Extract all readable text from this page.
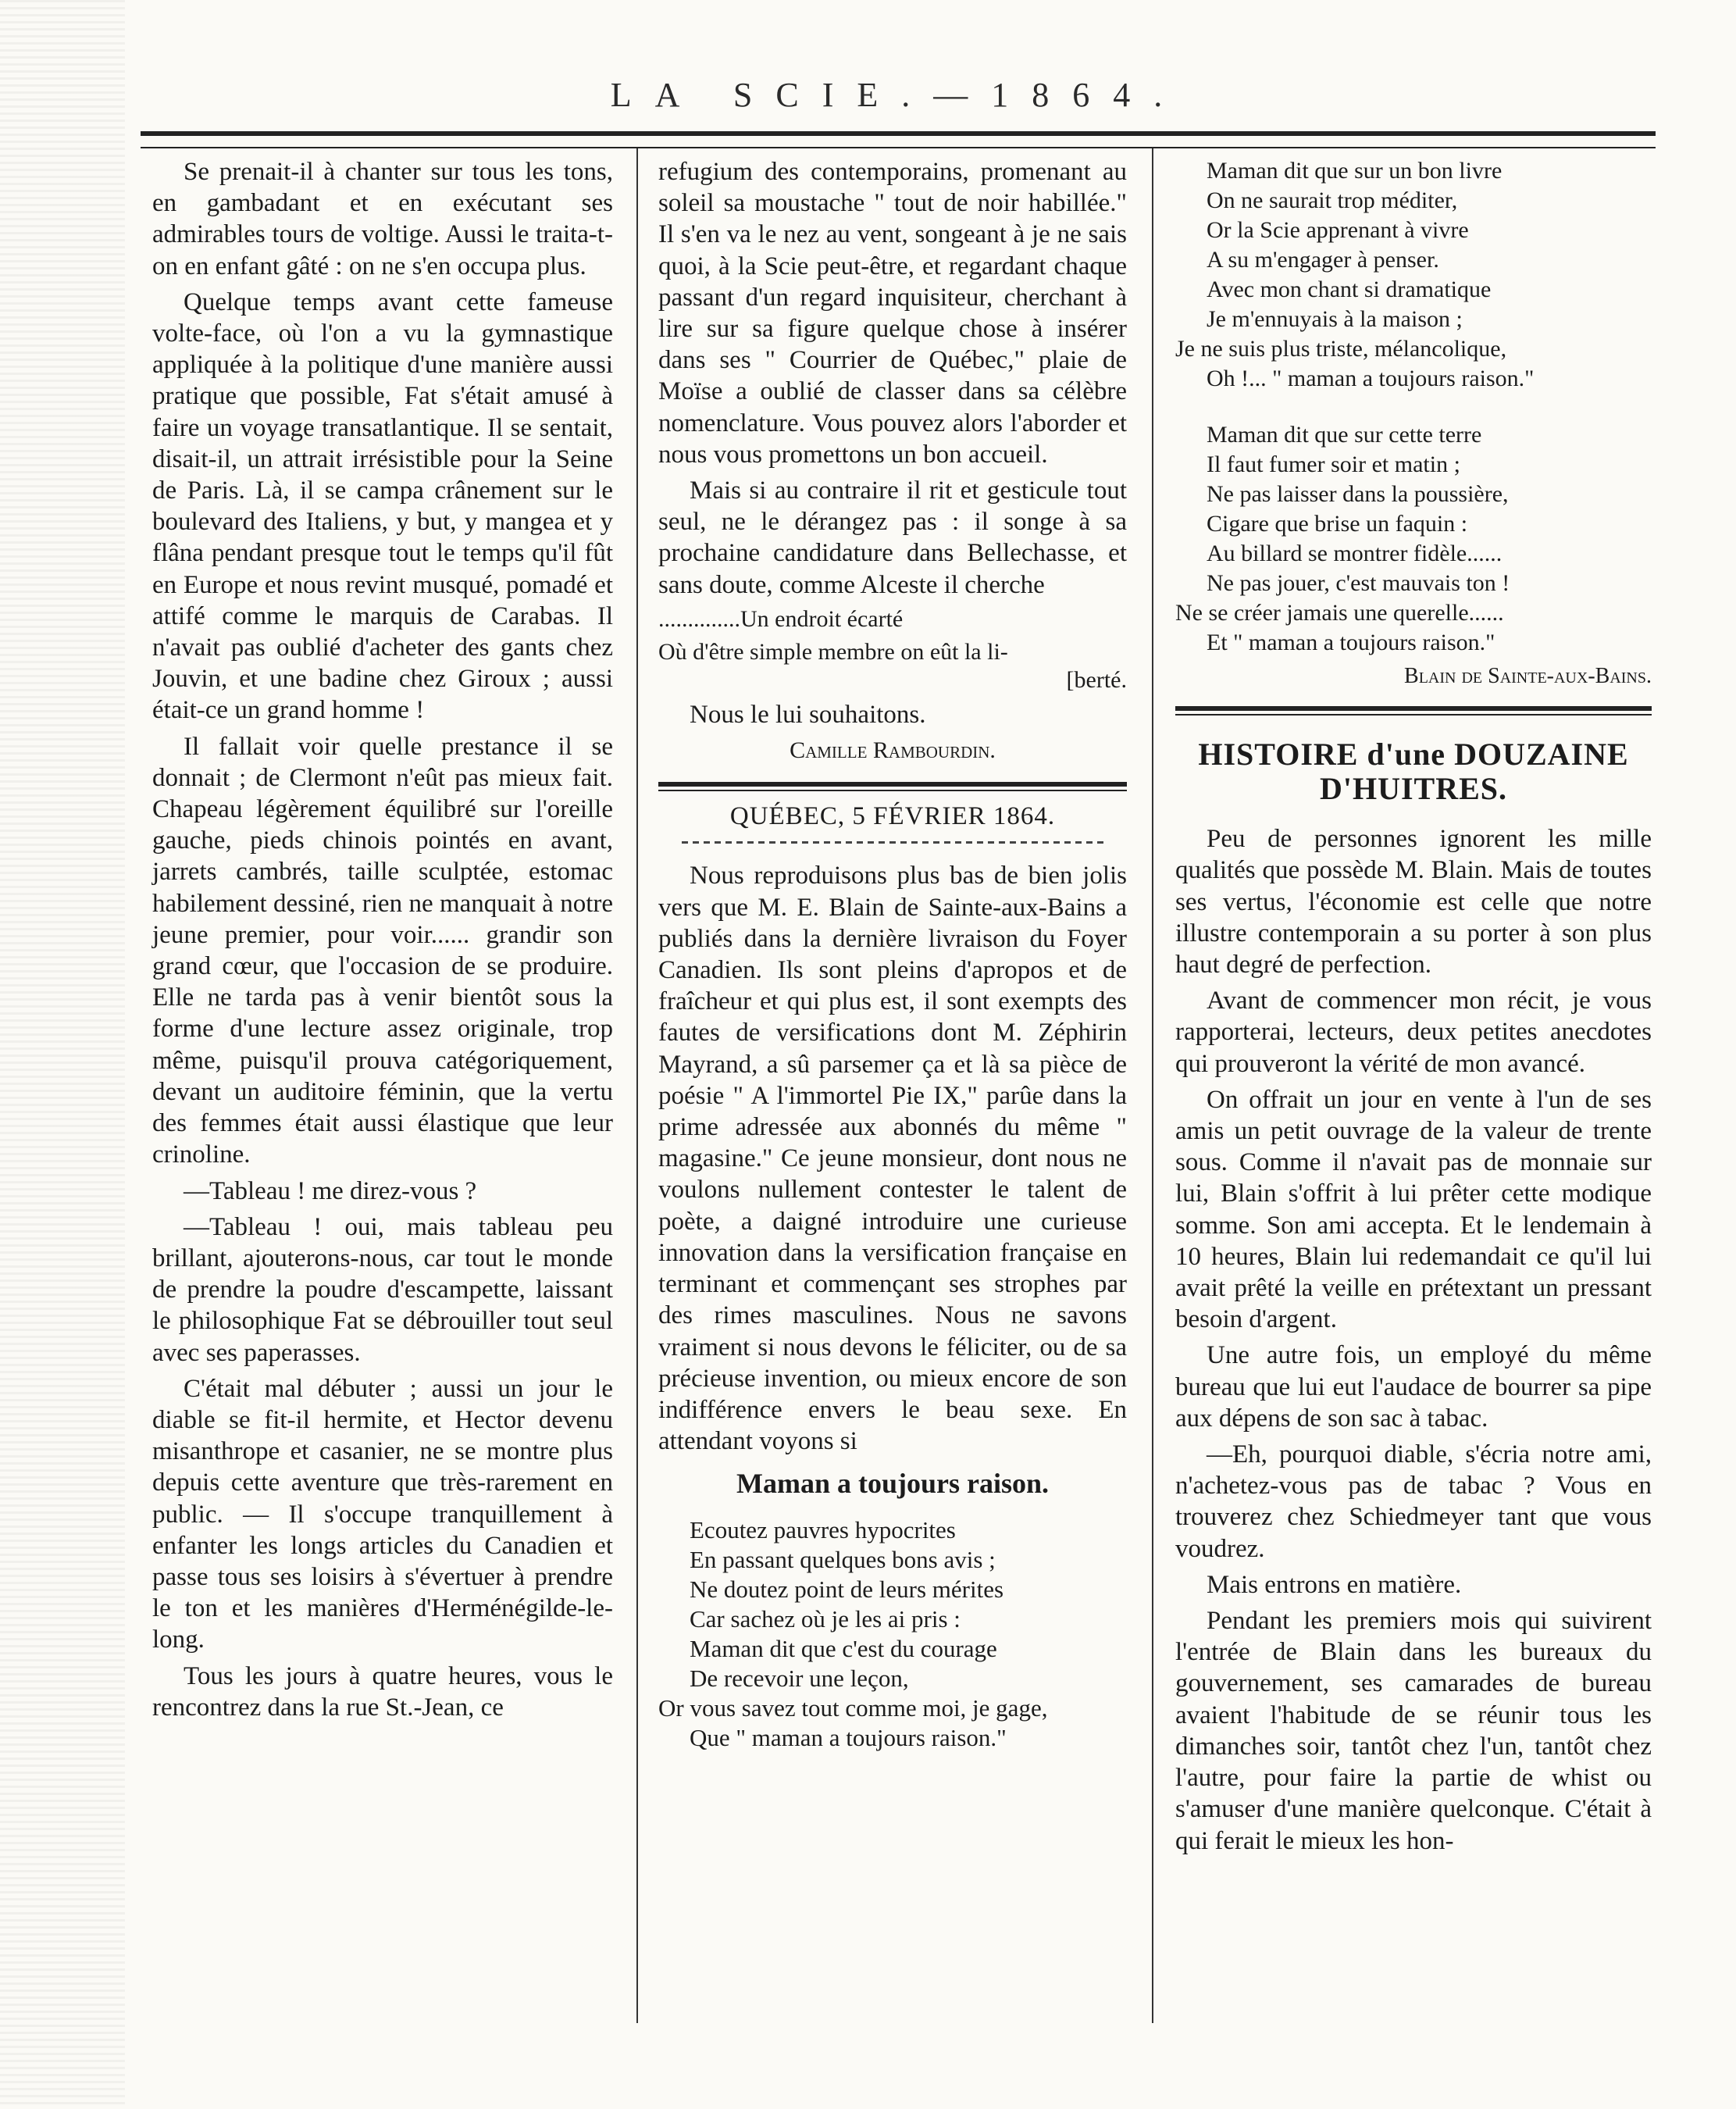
LA SCIE.—1864.

Se prenait-il à chanter sur tous les tons, en gambadant et en exécutant ses admirables tours de voltige. Aussi le traita-t-on en enfant gâté : on ne s'en occupa plus.

Quelque temps avant cette fameuse volte-face, où l'on a vu la gymnastique appliquée à la politique d'une manière aussi pratique que possible, Fat s'était amusé à faire un voyage transatlantique. Il se sentait, disait-il, un attrait irrésistible pour la Seine de Paris. Là, il se campa crânement sur le boulevard des Italiens, y but, y mangea et y flâna pendant presque tout le temps qu'il fût en Europe et nous revint musqué, pomadé et attifé comme le marquis de Carabas. Il n'avait pas oublié d'acheter des gants chez Jouvin, et une badine chez Giroux ; aussi était-ce un grand homme !

Il fallait voir quelle prestance il se donnait ; de Clermont n'eût pas mieux fait. Chapeau légèrement équilibré sur l'oreille gauche, pieds chinois pointés en avant, jarrets cambrés, taille sculptée, estomac habilement dessiné, rien ne manquait à notre jeune premier, pour voir...... grandir son grand cœur, que l'occasion de se produire. Elle ne tarda pas à venir bientôt sous la forme d'une lecture assez originale, trop même, puisqu'il prouva catégoriquement, devant un auditoire féminin, que la vertu des femmes était aussi élastique que leur crinoline.

—Tableau ! me direz-vous ?

—Tableau ! oui, mais tableau peu brillant, ajouterons-nous, car tout le monde de prendre la poudre d'escampette, laissant le philosophique Fat se débrouiller tout seul avec ses paperasses.

C'était mal débuter ; aussi un jour le diable se fit-il hermite, et Hector devenu misanthrope et casanier, ne se montre plus depuis cette aventure que très-rarement en public. — Il s'occupe tranquillement à enfanter les longs articles du Canadien et passe tous ses loisirs à s'évertuer à prendre le ton et les manières d'Herménégilde-le-long.

Tous les jours à quatre heures, vous le rencontrez dans la rue St.-Jean, ce

refugium des contemporains, promenant au soleil sa moustache " tout de noir habillée." Il s'en va le nez au vent, songeant à je ne sais quoi, à la Scie peut-être, et regardant chaque passant d'un regard inquisiteur, cherchant à lire sur sa figure quelque chose à insérer dans ses " Courrier de Québec," plaie de Moïse a oublié de classer dans sa célèbre nomenclature. Vous pouvez alors l'aborder et nous vous promettons un bon accueil.

Mais si au contraire il rit et gesticule tout seul, ne le dérangez pas : il songe à sa prochaine candidature dans Bellechasse, et sans doute, comme Alceste il cherche

..............Un endroit écarté
Où d'être simple membre on eût la li-
[berté.

Nous le lui souhaitons.

Camille Rambourdin.
QUÉBEC, 5 FÉVRIER 1864.

Nous reproduisons plus bas de bien jolis vers que M. E. Blain de Sainte-aux-Bains a publiés dans la dernière livraison du Foyer Canadien. Ils sont pleins d'apropos et de fraîcheur et qui plus est, il sont exempts des fautes de versifications dont M. Zéphirin Mayrand, a sû parsemer ça et là sa pièce de poésie " A l'immortel Pie IX," parûe dans la prime adressée aux abonnés du même " magasine." Ce jeune monsieur, dont nous ne voulons nullement contester le talent de poète, a daigné introduire une curieuse innovation dans la versification française en terminant et commençant ses strophes par des rimes masculines. Nous ne savons vraiment si nous devons le féliciter, ou de sa précieuse invention, ou mieux encore de son indifférence envers le beau sexe. En attendant voyons si

Maman a toujours raison.
Ecoutez pauvres hypocrites
En passant quelques bons avis ;
Ne doutez point de leurs mérites
Car sachez où je les ai pris :
Maman dit que c'est du courage
De recevoir une leçon,
Or vous savez tout comme moi, je gage,
Que " maman a toujours raison."
Maman dit que sur un bon livre
On ne saurait trop méditer,
Or la Scie apprenant à vivre
A su m'engager à penser.
Avec mon chant si dramatique
Je m'ennuyais à la maison ;
Je ne suis plus triste, mélancolique,
Oh !... " maman a toujours raison."
Maman dit que sur cette terre
Il faut fumer soir et matin ;
Ne pas laisser dans la poussière,
Cigare que brise un faquin :
Au billard se montrer fidèle......
Ne pas jouer, c'est mauvais ton !
Ne se créer jamais une querelle......
Et " maman a toujours raison."
Blain de Sainte-aux-Bains.
HISTOIRE d'une DOUZAINE D'HUITRES.

Peu de personnes ignorent les mille qualités que possède M. Blain. Mais de toutes ses vertus, l'économie est celle que notre illustre contemporain a su porter à son plus haut degré de perfection.

Avant de commencer mon récit, je vous rapporterai, lecteurs, deux petites anecdotes qui prouveront la vérité de mon avancé.

On offrait un jour en vente à l'un de ses amis un petit ouvrage de la valeur de trente sous. Comme il n'avait pas de monnaie sur lui, Blain s'offrit à lui prêter cette modique somme. Son ami accepta. Et le lendemain à 10 heures, Blain lui redemandait ce qu'il lui avait prêté la veille en prétextant un pressant besoin d'argent.

Une autre fois, un employé du même bureau que lui eut l'audace de bourrer sa pipe aux dépens de son sac à tabac.

—Eh, pourquoi diable, s'écria notre ami, n'achetez-vous pas de tabac ? Vous en trouverez chez Schiedmeyer tant que vous voudrez.

Mais entrons en matière.

Pendant les premiers mois qui suivirent l'entrée de Blain dans les bureaux du gouvernement, ses camarades de bureau avaient l'habitude de se réunir tous les dimanches soir, tantôt chez l'un, tantôt chez l'autre, pour faire la partie de whist ou s'amuser d'une manière quelconque. C'était à qui ferait le mieux les hon-
